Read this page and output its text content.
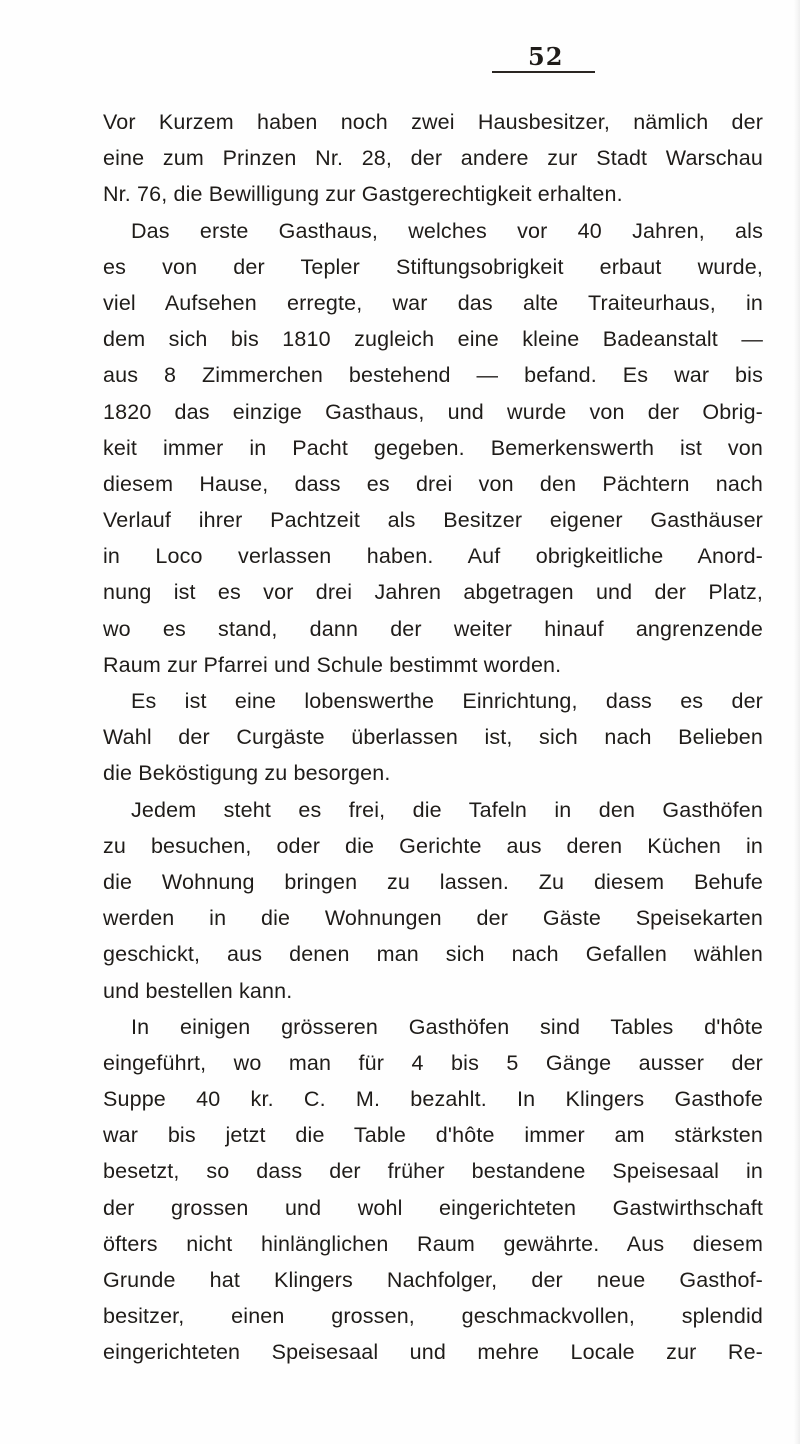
52
Vor Kurzem haben noch zwei Hausbesitzer, nämlich der
eine zum Prinzen Nr. 28, der andere zur Stadt Warschau
Nr. 76, die Bewilligung zur Gastgerechtigkeit erhalten.
Das erste Gasthaus, welches vor 40 Jahren, als
es von der Tepler Stiftungsobrigkeit erbaut wurde,
viel Aufsehen erregte, war das alte Traiteurhaus, in
dem sich bis 1810 zugleich eine kleine Badeanstalt —
aus 8 Zimmerchen bestehend — befand. Es war bis
1820 das einzige Gasthaus, und wurde von der Obrig-
keit immer in Pacht gegeben. Bemerkenswerth ist von
diesem Hause, dass es drei von den Pächtern nach
Verlauf ihrer Pachtzeit als Besitzer eigener Gasthäuser
in Loco verlassen haben. Auf obrigkeitliche Anord-
nung ist es vor drei Jahren abgetragen und der Platz,
wo es stand, dann der weiter hinauf angrenzende
Raum zur Pfarrei und Schule bestimmt worden.
Es ist eine lobenswerthe Einrichtung, dass es der
Wahl der Curgäste überlassen ist, sich nach Belieben
die Beköstigung zu besorgen.
Jedem steht es frei, die Tafeln in den Gasthöfen
zu besuchen, oder die Gerichte aus deren Küchen in
die Wohnung bringen zu lassen. Zu diesem Behufe
werden in die Wohnungen der Gäste Speisekarten
geschickt, aus denen man sich nach Gefallen wählen
und bestellen kann.
In einigen grösseren Gasthöfen sind Tables d'hôte
eingeführt, wo man für 4 bis 5 Gänge ausser der
Suppe 40 kr. C. M. bezahlt. In Klingers Gasthofe
war bis jetzt die Table d'hôte immer am stärksten
besetzt, so dass der früher bestandene Speisesaal in
der grossen und wohl eingerichteten Gastwirthschaft
öfters nicht hinlänglichen Raum gewährte. Aus diesem
Grunde hat Klingers Nachfolger, der neue Gasthof-
besitzer, einen grossen, geschmackvollen, splendid
eingerichteten Speisesaal und mehre Locale zur Re-
